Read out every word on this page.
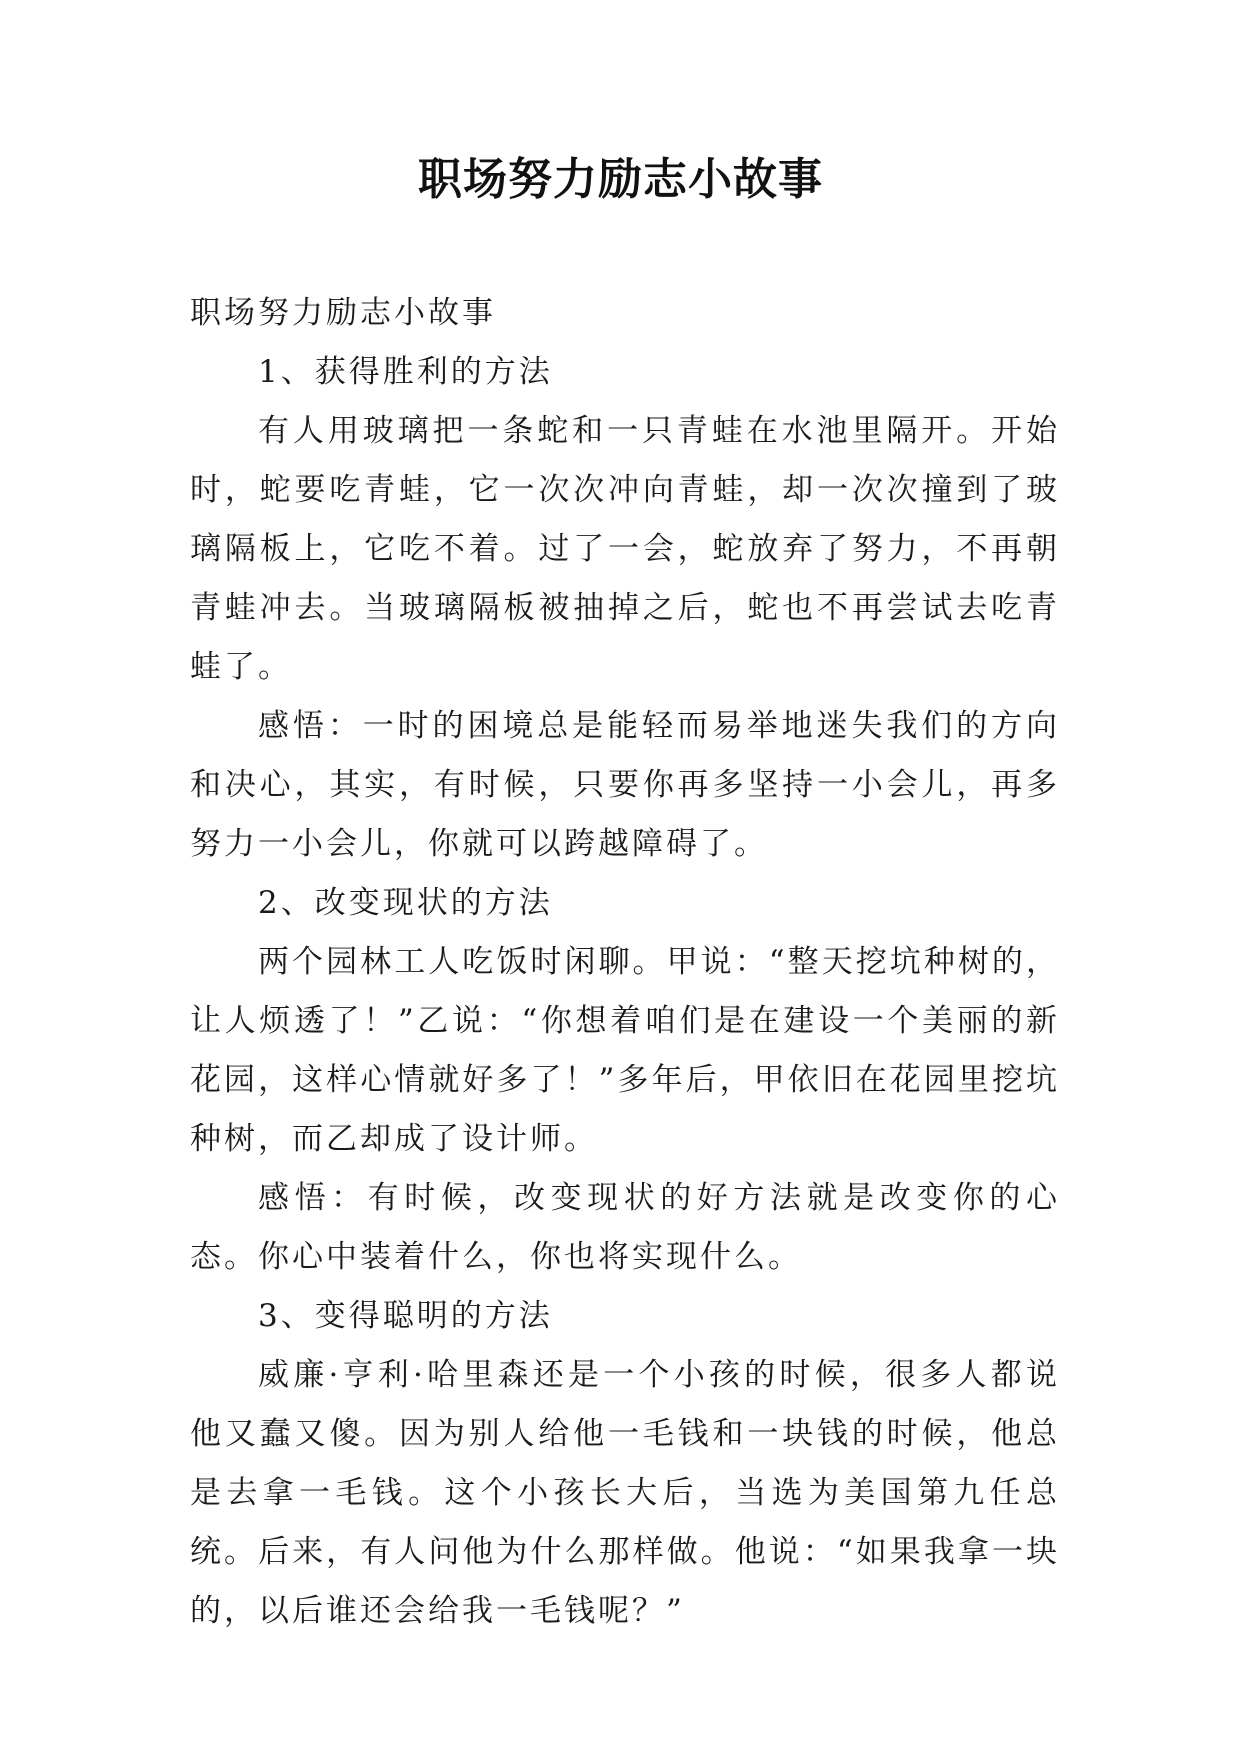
职场努力励志小故事

职场努力励志小故事

1、获得胜利的方法

有人用玻璃把一条蛇和一只青蛙在水池里隔开。开始时，蛇要吃青蛙，它一次次冲向青蛙，却一次次撞到了玻璃隔板上，它吃不着。过了一会，蛇放弃了努力，不再朝青蛙冲去。当玻璃隔板被抽掉之后，蛇也不再尝试去吃青蛙了。

感悟：一时的困境总是能轻而易举地迷失我们的方向和决心，其实，有时候，只要你再多坚持一小会儿，再多努力一小会儿，你就可以跨越障碍了。

2、改变现状的方法

两个园林工人吃饭时闲聊。甲说：“整天挖坑种树的，让人烦透了！”乙说：“你想着咱们是在建设一个美丽的新花园，这样心情就好多了！”多年后，甲依旧在花园里挖坑种树，而乙却成了设计师。

感悟：有时候，改变现状的好方法就是改变你的心态。你心中装着什么，你也将实现什么。

3、变得聪明的方法

威廉·亨利·哈里森还是一个小孩的时候，很多人都说他又蠢又傻。因为别人给他一毛钱和一块钱的时候，他总是去拿一毛钱。这个小孩长大后，当选为美国第九任总统。后来，有人问他为什么那样做。他说：“如果我拿一块的，以后谁还会给我一毛钱呢？”
